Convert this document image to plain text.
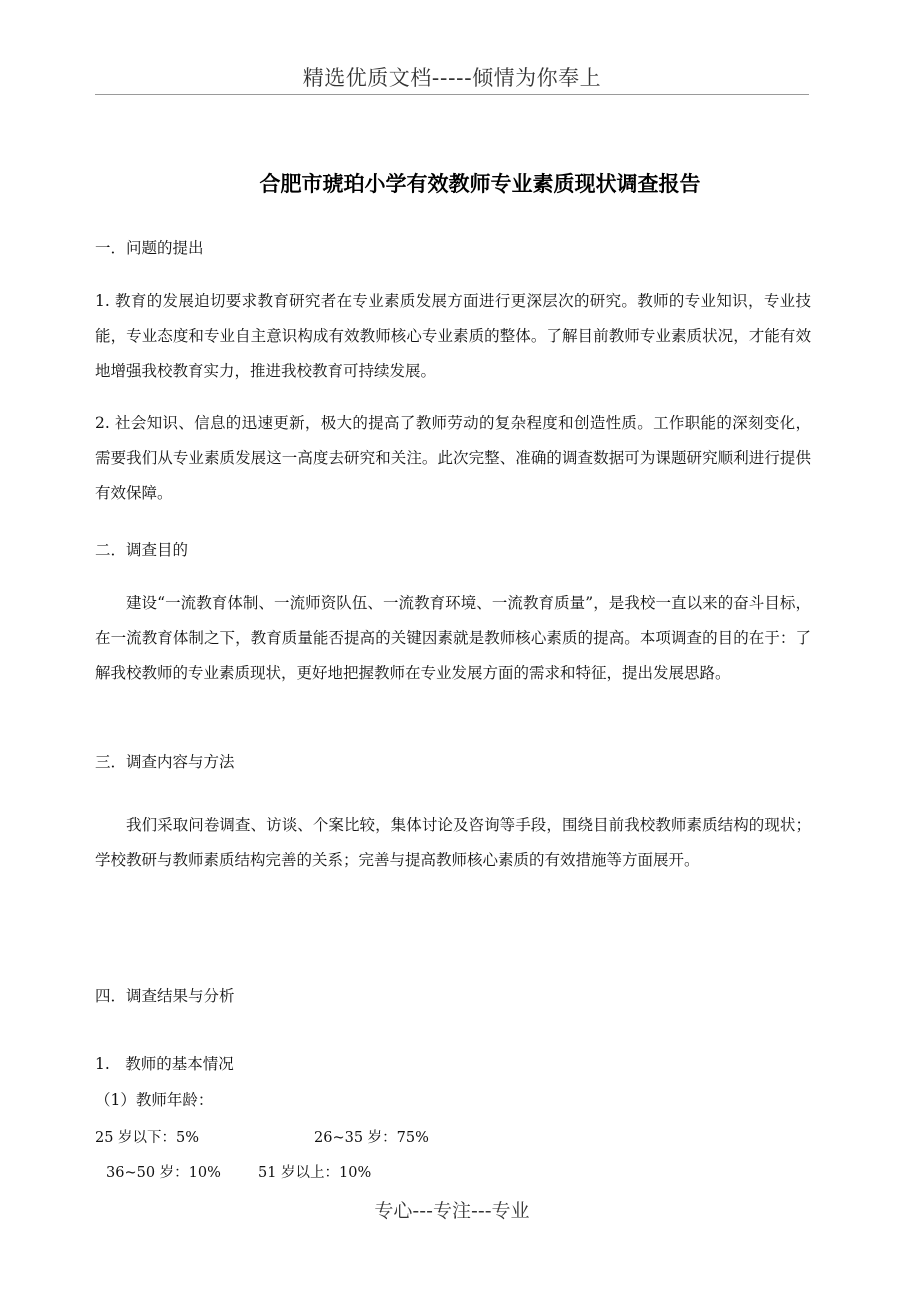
精选优质文档-----倾情为你奉上
合肥市琥珀小学有效教师专业素质现状调查报告
一．问题的提出

1. 教育的发展迫切要求教育研究者在专业素质发展方面进行更深层次的研究。教师的专业知识，专业技能，专业态度和专业自主意识构成有效教师核心专业素质的整体。了解目前教师专业素质状况，才能有效地增强我校教育实力，推进我校教育可持续发展。

2. 社会知识、信息的迅速更新，极大的提高了教师劳动的复杂程度和创造性质。工作职能的深刻变化，需要我们从专业素质发展这一高度去研究和关注。此次完整、准确的调查数据可为课题研究顺利进行提供有效保障。

二．调查目的

建设“一流教育体制、一流师资队伍、一流教育环境、一流教育质量”，是我校一直以来的奋斗目标，在一流教育体制之下，教育质量能否提高的关键因素就是教师核心素质的提高。本项调查的目的在于：了解我校教师的专业素质现状，更好地把握教师在专业发展方面的需求和特征，提出发展思路。

三．调查内容与方法

我们采取问卷调查、访谈、个案比较，集体讨论及咨询等手段，围绕目前我校教师素质结构的现状；学校教研与教师素质结构完善的关系；完善与提高教师核心素质的有效措施等方面展开。

四．调查结果与分析
1.　教师的基本情况
（1）教师年龄：
25 岁以下：5%	26~35 岁：75%
36~50 岁：10%	51 岁以上：10%
专心---专注---专业
